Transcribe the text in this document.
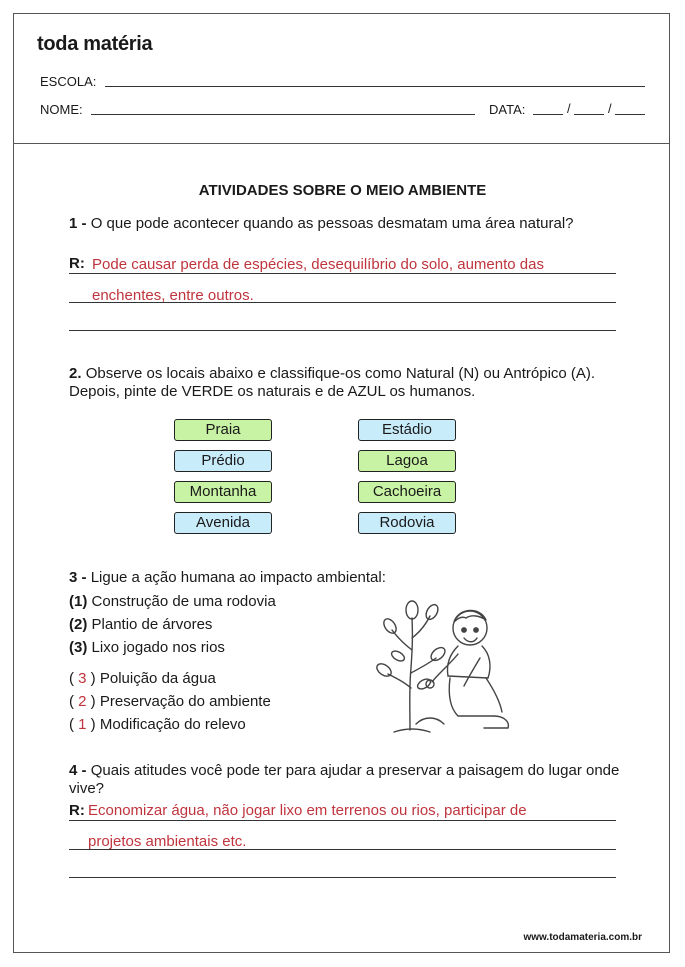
toda matéria
ESCOLA:
NOME:	DATA:	/	/
ATIVIDADES SOBRE O MEIO AMBIENTE
1 - O que pode acontecer quando as pessoas desmatam uma área natural?
R: Pode causar perda de espécies, desequilíbrio do solo, aumento das
enchentes, entre outros.
2. Observe os locais abaixo e classifique-os como Natural (N) ou Antrópico (A). Depois, pinte de VERDE os naturais e de AZUL os humanos.
Praia
Prédio
Montanha
Avenida
Estádio
Lagoa
Cachoeira
Rodovia
3 - Ligue a ação humana ao impacto ambiental:
(1) Construção de uma rodovia
(2) Plantio de árvores
(3) Lixo jogado nos rios
( 3 ) Poluição da água
( 2 ) Preservação do ambiente
( 1 ) Modificação do relevo
4 - Quais atitudes você pode ter para ajudar a preservar a paisagem do lugar onde vive?
R: Economizar água, não jogar lixo em terrenos ou rios, participar de
projetos ambientais etc.
www.todamateria.com.br
